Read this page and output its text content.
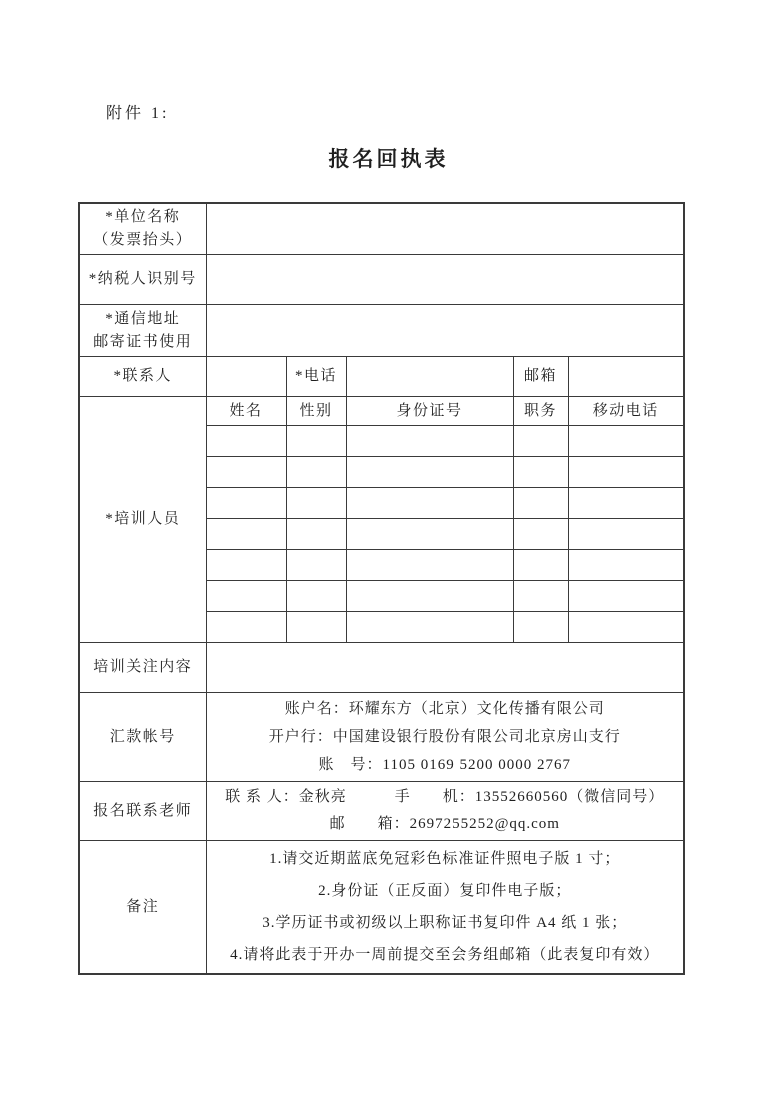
附件 1:
报名回执表
*单位名称
（发票抬头）					

*纳税人识别号					

*通信地址
邮寄证书使用					

*联系人		*电话		邮箱	
*培训人员	姓名	性别	身份证号	职务	移动电话

培训关注内容					
汇款帐号	账户名：环耀东方（北京）文化传播有限公司
开户行：中国建设银行股份有限公司北京房山支行
账　号：1105 0169 5200 0000 2767				

报名联系老师	联 系 人：金秋亮　　　手　　机：13552660560（微信同号）
邮　　箱：2697255252@qq.com				

备注	1.请交近期蓝底免冠彩色标准证件照电子版 1 寸；
2.身份证（正反面）复印件电子版；
3.学历证书或初级以上职称证书复印件 A4 纸 1 张；
4.请将此表于开办一周前提交至会务组邮箱（此表复印有效）				
